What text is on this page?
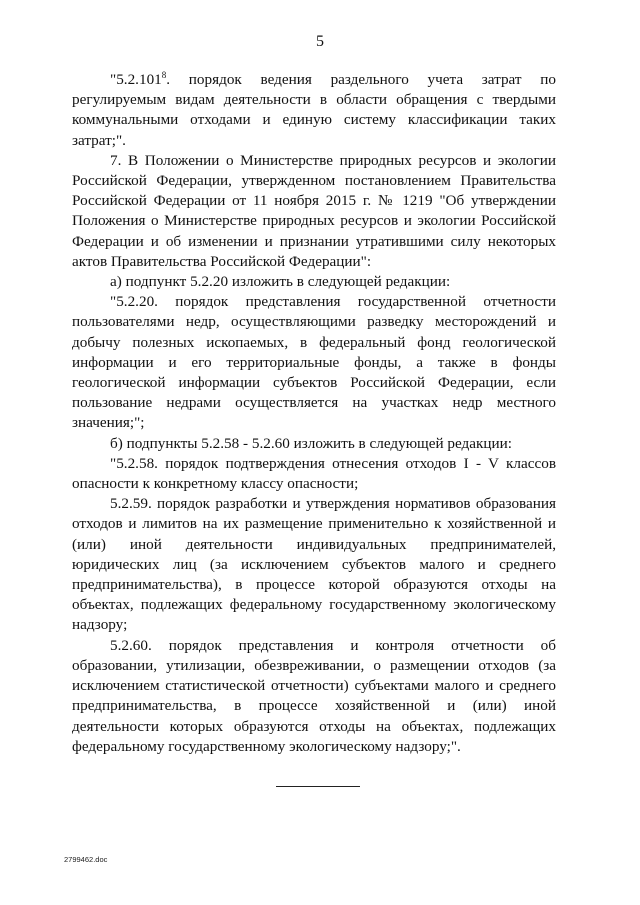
5

"5.2.101$^8$. порядок ведения раздельного учета затрат по регулируемым видам деятельности в области обращения с твердыми коммунальными отходами и единую систему классификации таких затрат;".

7. В Положении о Министерстве природных ресурсов и экологии Российской Федерации, утвержденном постановлением Правительства Российской Федерации от 11 ноября 2015 г. № 1219 "Об утверждении Положения о Министерстве природных ресурсов и экологии Российской Федерации и об изменении и признании утратившими силу некоторых актов Правительства Российской Федерации":

а) подпункт 5.2.20 изложить в следующей редакции:

"5.2.20. порядок представления государственной отчетности пользователями недр, осуществляющими разведку месторождений и добычу полезных ископаемых, в федеральный фонд геологической информации и его территориальные фонды, а также в фонды геологической информации субъектов Российской Федерации, если пользование недрами осуществляется на участках недр местного значения;";

б) подпункты 5.2.58 - 5.2.60 изложить в следующей редакции:

"5.2.58. порядок подтверждения отнесения отходов I - V классов опасности к конкретному классу опасности;

5.2.59. порядок разработки и утверждения нормативов образования отходов и лимитов на их размещение применительно к хозяйственной и (или) иной деятельности индивидуальных предпринимателей, юридических лиц (за исключением субъектов малого и среднего предпринимательства), в процессе которой образуются отходы на объектах, подлежащих федеральному государственному экологическому надзору;

5.2.60. порядок представления и контроля отчетности об образовании, утилизации, обезвреживании, о размещении отходов (за исключением статистической отчетности) субъектами малого и среднего предпринимательства, в процессе хозяйственной и (или) иной деятельности которых образуются отходы на объектах, подлежащих федеральному государственному экологическому надзору;".

2799462.doc
